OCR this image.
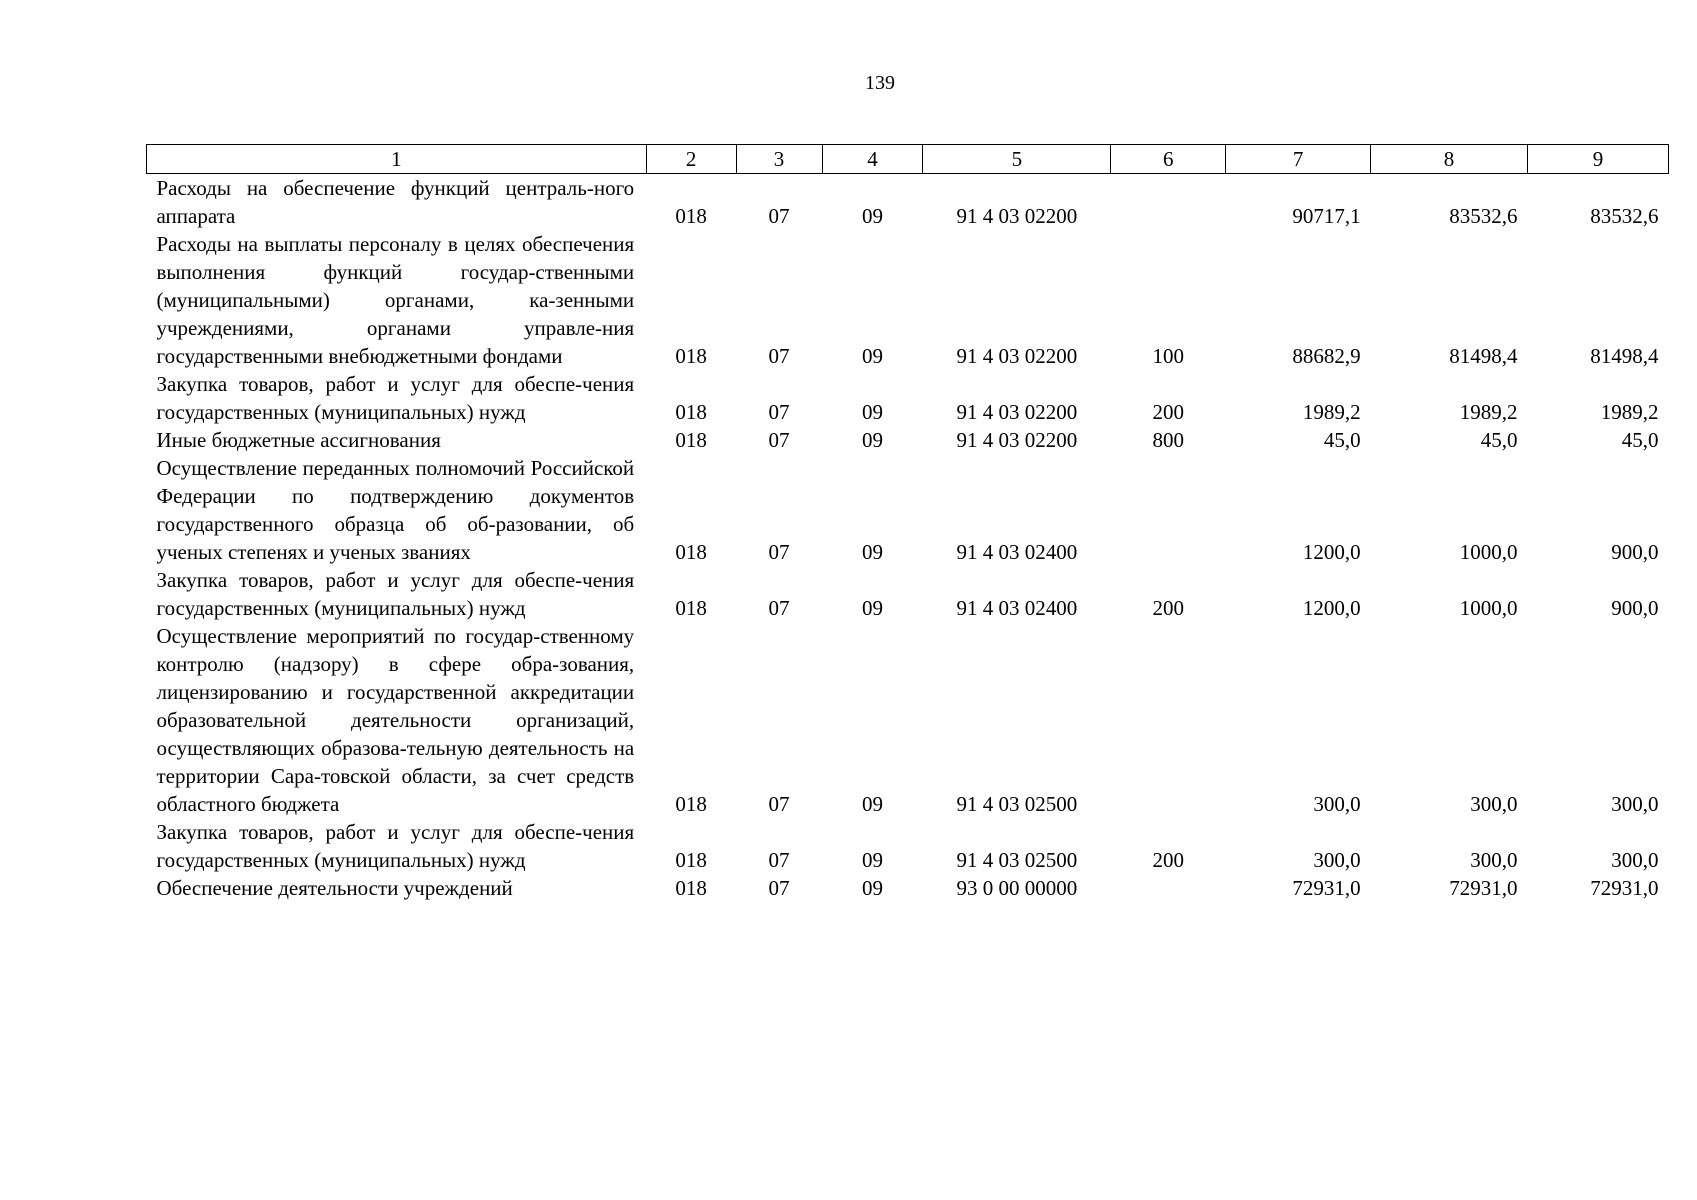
139
1	2	3	4	5	6	7	8	9
Расходы на обеспечение функций централь-ного аппарата	018	07	09	91 4 03 02200		90717,1	83532,6	83532,6
Расходы на выплаты персоналу в целях обеспечения выполнения функций государ-ственными (муниципальными) органами, ка-зенными учреждениями, органами управле-ния государственными внебюджетными фондами	018	07	09	91 4 03 02200	100	88682,9	81498,4	81498,4
Закупка товаров, работ и услуг для обеспе-чения государственных (муниципальных) нужд	018	07	09	91 4 03 02200	200	1989,2	1989,2	1989,2
Иные бюджетные ассигнования	018	07	09	91 4 03 02200	800	45,0	45,0	45,0
Осуществление переданных полномочий Российской Федерации по подтверждению документов государственного образца об об-разовании, об ученых степенях и ученых званиях	018	07	09	91 4 03 02400		1200,0	1000,0	900,0
Закупка товаров, работ и услуг для обеспе-чения государственных (муниципальных) нужд	018	07	09	91 4 03 02400	200	1200,0	1000,0	900,0
Осуществление мероприятий по государ-ственному контролю (надзору) в сфере обра-зования, лицензированию и государственной аккредитации образовательной деятельности организаций, осуществляющих образова-тельную деятельность на территории Сара-товской области, за счет средств областного бюджета	018	07	09	91 4 03 02500		300,0	300,0	300,0
Закупка товаров, работ и услуг для обеспе-чения государственных (муниципальных) нужд	018	07	09	91 4 03 02500	200	300,0	300,0	300,0
Обеспечение деятельности учреждений	018	07	09	93 0 00 00000		72931,0	72931,0	72931,0
